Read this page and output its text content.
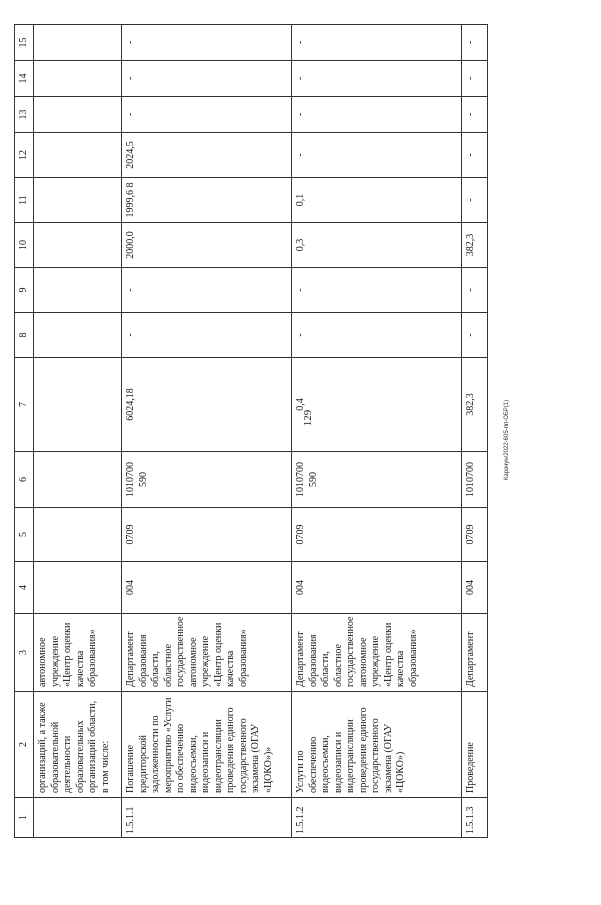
129	Карачун/2022-605-пп-ОБР(1)
1	2	3	4	5	6	7	8	9	10	11	12	13	14	15
	организаций, а также образовательной деятельности образовательных организаций области, в том числе:	автономное учреждение «Центр оценки качества образования»												
1.5.1.1	Погашение кредиторской задолженности по мероприятию «Услуги по обеспечению видеосъемки, видеозаписи и видеотрансляции проведения единого государственного экзамена (ОГАУ «ЦОКО»)»	Департамент образования области, областное государственное автономное учреждение «Центр оценки качества образования»	004	0709	1010700 590	6024,18	-	-	2000,0	1999,6 8	2024,5	-	-	-
1.5.1.2	Услуги по обеспечению видеосъемки, видеозаписи и видеотрансляции проведения единого государственного экзамена (ОГАУ «ЦОКО»)	Департамент образования области, областное государственное автономное учреждение «Центр оценки качества образования»	004	0709	1010700 590	0,4	-	-	0,3	0,1	-	-	-	-
1.5.1.3	Проведение	Департамент	004	0709	1010700	382,3	-	-	382,3	-	-	-	-	-
